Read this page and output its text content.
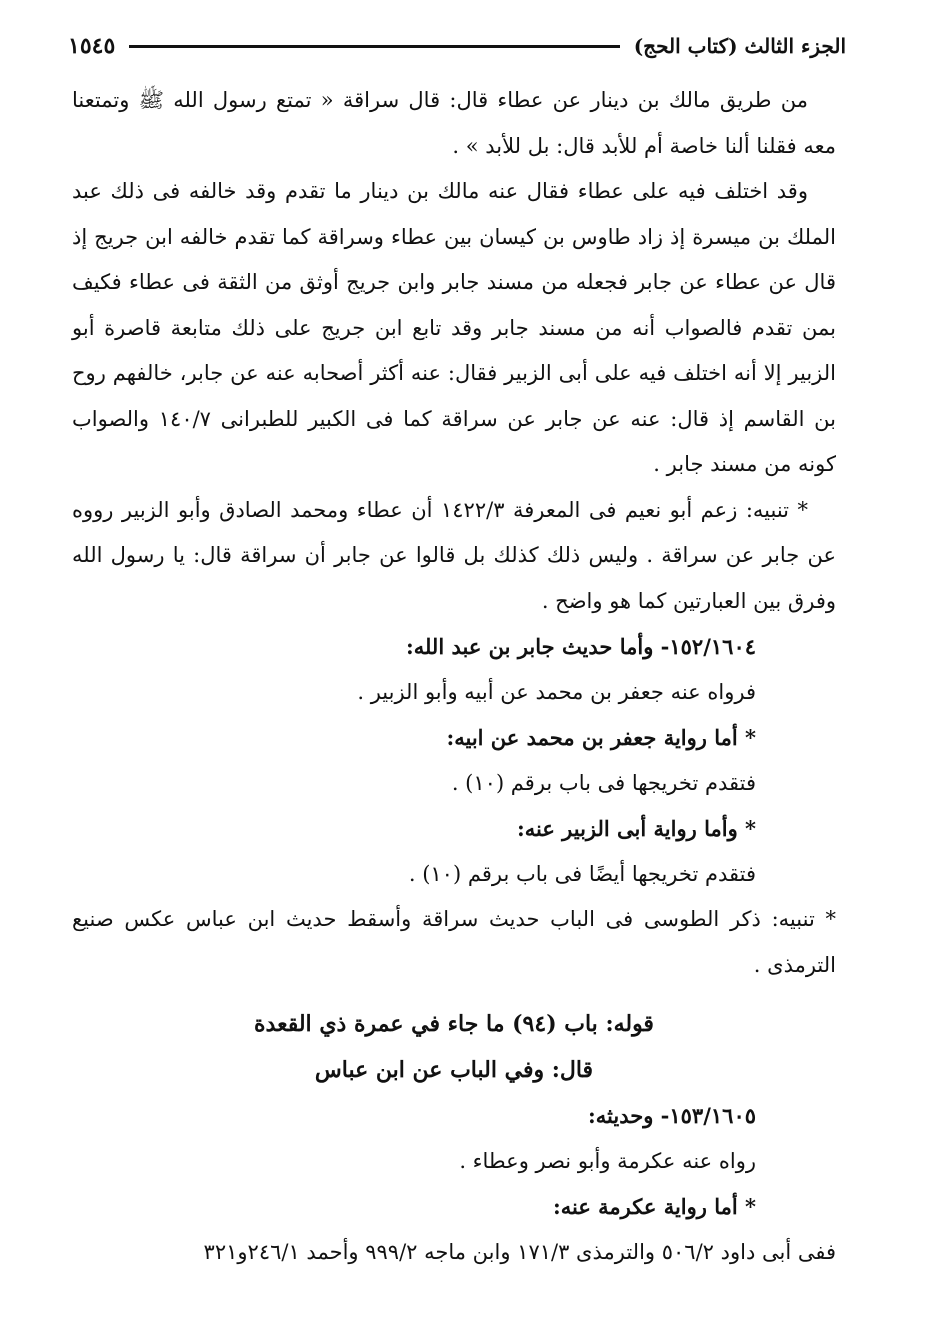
الجزء الثالث (كتاب الحج)
١٥٤٥

من طريق مالك بن دينار عن عطاء قال: قال سراقة « تمتع رسول الله ﷺ وتمتعنا معه فقلنا ألنا خاصة أم للأبد قال: بل للأبد » .

وقد اختلف فيه على عطاء فقال عنه مالك بن دينار ما تقدم وقد خالفه فى ذلك عبد الملك بن ميسرة إذ زاد طاوس بن كيسان بين عطاء وسراقة كما تقدم خالفه ابن جريج إذ قال عن عطاء عن جابر فجعله من مسند جابر وابن جريج أوثق من الثقة فى عطاء فكيف بمن تقدم فالصواب أنه من مسند جابر وقد تابع ابن جريج على ذلك متابعة قاصرة أبو الزبير إلا أنه اختلف فيه على أبى الزبير فقال: عنه أكثر أصحابه عنه عن جابر، خالفهم روح بن القاسم إذ قال: عنه عن جابر عن سراقة كما فى الكبير للطبرانى ١٤٠/٧ والصواب كونه من مسند جابر .

* تنبيه: زعم أبو نعيم فى المعرفة ١٤٢٢/٣ أن عطاء ومحمد الصادق وأبو الزبير رووه عن جابر عن سراقة . وليس ذلك كذلك بل قالوا عن جابر أن سراقة قال: يا رسول الله وفرق بين العبارتين كما هو واضح .

١٥٢/١٦٠٤- وأما حديث جابر بن عبد الله:

فرواه عنه جعفر بن محمد عن أبيه وأبو الزبير .

* أما رواية جعفر بن محمد عن ابيه:

فتقدم تخريجها فى باب برقم (١٠) .

* وأما رواية أبى الزبير عنه:

فتقدم تخريجها أيضًا فى باب برقم (١٠) .

* تنبيه: ذكر الطوسى فى الباب حديث سراقة وأسقط حديث ابن عباس عكس صنيع الترمذى .

قوله: باب (٩٤) ما جاء في عمرة ذي القعدة

قال: وفي الباب عن ابن عباس

١٥٣/١٦٠٥- وحديثه:

رواه عنه عكرمة وأبو نصر وعطاء .

* أما رواية عكرمة عنه:

ففى أبى داود ٥٠٦/٢ والترمذى ١٧١/٣ وابن ماجه ٩٩٩/٢ وأحمد ٢٤٦/١و٣٢١
